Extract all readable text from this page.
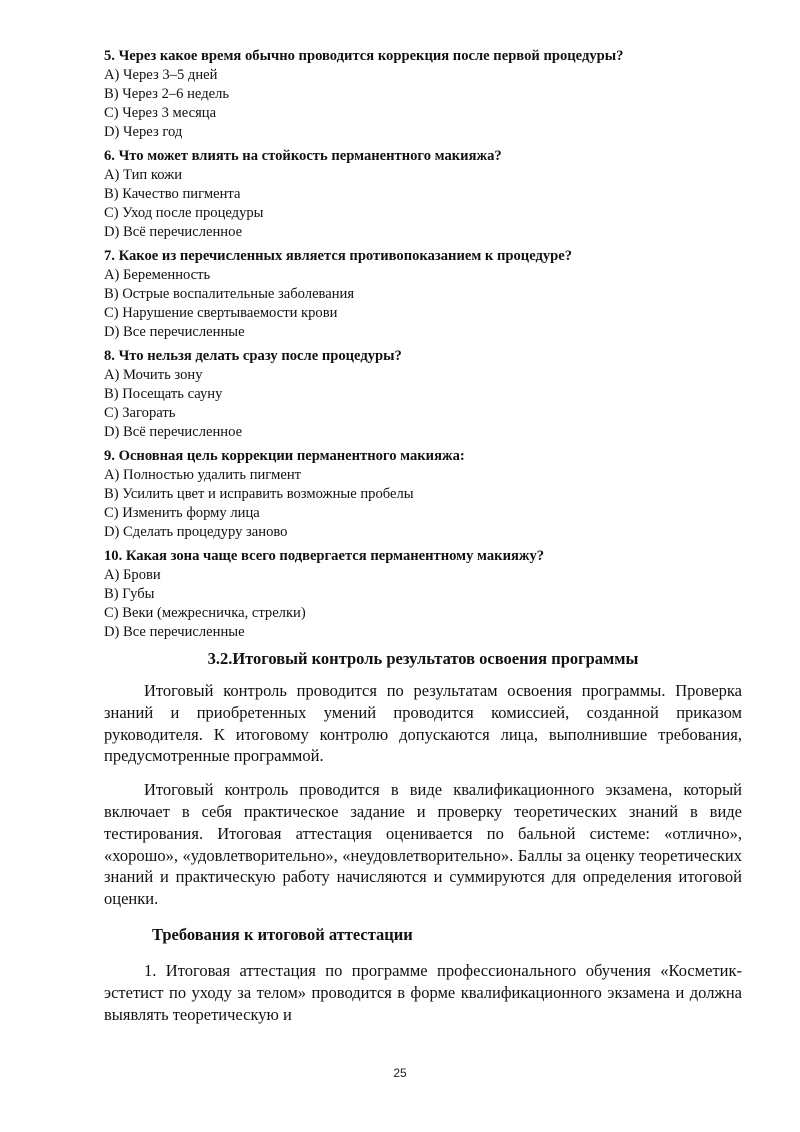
5. Через какое время обычно проводится коррекция после первой процедуры?

A) Через 3–5 дней

B) Через 2–6 недель

C) Через 3 месяца

D) Через год

6. Что может влиять на стойкость перманентного макияжа?

A) Тип кожи

B) Качество пигмента

C) Уход после процедуры

D) Всё перечисленное

7. Какое из перечисленных является противопоказанием к процедуре?

A) Беременность

B) Острые воспалительные заболевания

C) Нарушение свертываемости крови

D) Все перечисленные

8. Что нельзя делать сразу после процедуры?

A) Мочить зону

B) Посещать сауну

C) Загорать

D) Всё перечисленное

9. Основная цель коррекции перманентного макияжа:

A) Полностью удалить пигмент

B) Усилить цвет и исправить возможные пробелы

C) Изменить форму лица

D) Сделать процедуру заново

10. Какая зона чаще всего подвергается перманентному макияжу?

A) Брови

B) Губы

C) Веки (межресничка, стрелки)

D) Все перечисленные

3.2.Итоговый контроль результатов освоения программы

Итоговый контроль проводится по результатам освоения программы. Проверка знаний и приобретенных умений проводится комиссией, созданной приказом руководителя. К итоговому контролю допускаются лица, выполнившие требования, предусмотренные программой.

Итоговый контроль проводится в виде квалификационного экзамена, который включает в себя практическое задание и проверку теоретических знаний в виде тестирования. Итоговая аттестация оценивается по бальной системе: «отлично», «хорошо», «удовлетворительно», «неудовлетворительно». Баллы за оценку теоретических знаний и практическую работу начисляются и суммируются для определения итоговой оценки.

Требования к итоговой аттестации

1. Итоговая аттестация по программе профессионального обучения «Косметик-эстетист по уходу за телом» проводится в форме квалификационного экзамена и должна выявлять теоретическую и

25
